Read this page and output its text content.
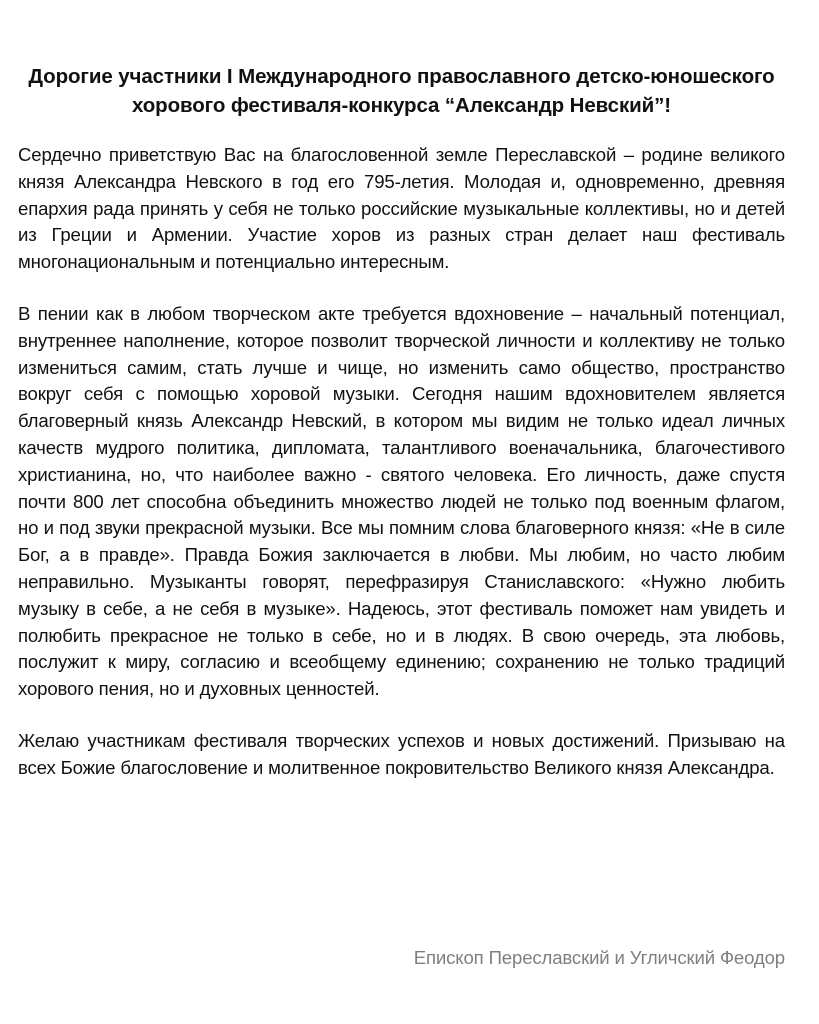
Дорогие участники I Международного православного детско-юношеского хорового фестиваля-конкурса “Александр Невский”!

Сердечно приветствую Вас на благословенной земле Переславской – родине великого князя Александра Невского в год его 795-летия. Молодая и, одновременно, древняя епархия рада принять у себя не только российские музыкальные коллективы, но и детей из Греции и Армении. Участие хоров из разных стран делает наш фестиваль многонациональным и потенциально интересным.

В пении как в любом творческом акте требуется вдохновение – начальный потенциал, внутреннее наполнение, которое позволит творческой личности и коллективу не только измениться самим, стать лучше и чище, но изменить само общество, пространство вокруг себя с помощью хоровой музыки. Сегодня нашим вдохновителем является благоверный князь Александр Невский, в котором мы видим не только идеал личных качеств мудрого политика, дипломата, талантливого военачальника, благочестивого христианина, но, что наиболее важно - святого человека. Его личность, даже спустя почти 800 лет способна объединить множество людей не только под военным флагом, но и под звуки прекрасной музыки. Все мы помним слова благоверного князя: «Не в силе Бог, а в правде». Правда Божия заключается в любви. Мы любим, но часто любим неправильно. Музыканты говорят, перефразируя Станиславского: «Нужно любить музыку в себе, а не себя в музыке». Надеюсь, этот фестиваль поможет нам увидеть и полюбить прекрасное не только в себе, но и в людях. В свою очередь, эта любовь, послужит к миру, согласию и всеобщему единению; сохранению не только традиций хорового пения, но и духовных ценностей.

Желаю участникам фестиваля творческих успехов и новых достижений. Призываю на всех Божие благословение и молитвенное покровительство Великого князя Александра.

Епископ Переславский и Угличский Феодор
